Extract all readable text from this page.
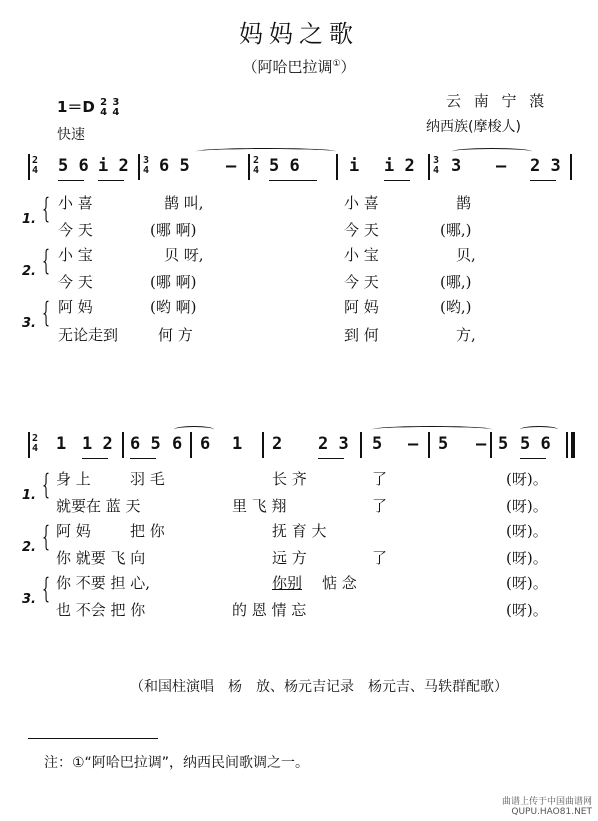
妈妈之歌
（阿哈巴拉调①）
1＝D 2
4 3
4
快速
云 南 宁 蒗
纳西族(摩梭人)
2
4 5 6 i 2 3
4 6 5 – 2
4 5 6	i i 2 3
4 3 – 2 3
1. { 小 喜	鹊 叫,	小 喜	鹊
今 天	(哪 啊)	今 天	(哪,)
2. { 小 宝	贝 呀,	小 宝	贝,
今 天	(哪 啊)	今 天	(哪,)
3. { 阿 妈	(哟 啊)	阿 妈	(哟,)
无论走到	何 方	到 何	方,
2
4 1 1 2 6 5 6 6 1 2 2 3 5 – 5 – 5 5 6
1. { 身 上	羽 毛	长 齐	了	(呀)。
就要在 蓝 天	里 飞 翔	了	(呀)。
2. { 阿 妈	把 你	抚 育 大	(呀)。
你 就要 飞 向	远 方	了	(呀)。
3. { 你 不要 担 心,	你别 惦 念	(呀)。
也 不会 把 你	的 恩 情 忘	(呀)。
（和国柱演唱　杨　放、杨元吉记录　杨元吉、马轶群配歌）
注：①“阿哈巴拉调”，纳西民间歌调之一。
曲谱上传于中国曲谱网
QUPU.HAO81.NET
